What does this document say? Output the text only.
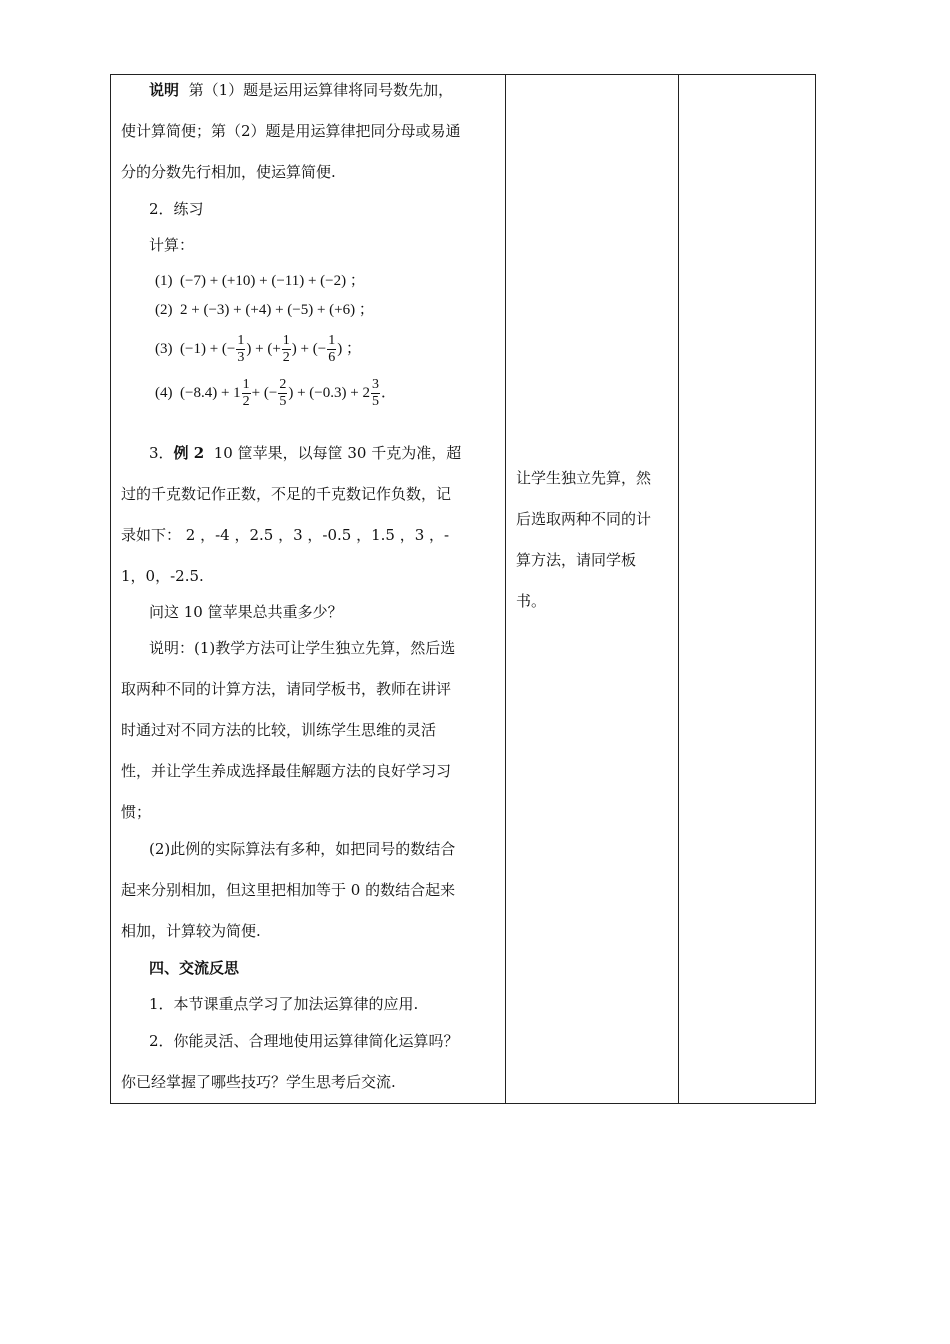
说明 第（1）题是运用运算律将同号数先加，
使计算简便；第（2）题是用运算律把同分母或易通
分的分数先行相加，使运算简便.
2．练习
计算：
(1) (−7) + (+10) + (−11) + (−2) ；
(2) 2 + (−3) + (+4) + (−5) + (+6) ；
(3) (−1) + (− $\frac{1}{3}$ ) + (+ $\frac{1}{2}$ ) + (− $\frac{1}{6}$ ) ；
(4) $(-8.4) + 1 \frac{1}{2}$ + (− $\frac{2}{5}$ ) + $(-0.3) + 2 \frac{3}{5}$ ．
3．例 2 10 筐苹果，以每筐 30 千克为准，超
过的千克数记作正数，不足的千克数记作负数，记
录如下： 2 ，-4 ，2.5 ，3 ，-0.5 ，1.5 ，3 ，-
1，0，-2.5.
问这 10 筐苹果总共重多少？
说明：(1)教学方法可让学生独立先算，然后选
取两种不同的计算方法，请同学板书，教师在讲评
时通过对不同方法的比较，训练学生思维的灵活
性，并让学生养成选择最佳解题方法的良好学习习
惯；
(2)此例的实际算法有多种，如把同号的数结合
起来分别相加，但这里把相加等于 0 的数结合起来
相加，计算较为简便.
四、交流反思
1．本节课重点学习了加法运算律的应用.
2．你能灵活、合理地使用运算律简化运算吗？
你已经掌握了哪些技巧？学生思考后交流.
让学生独立先算，然
后选取两种不同的计
算方法，请同学板
书。
